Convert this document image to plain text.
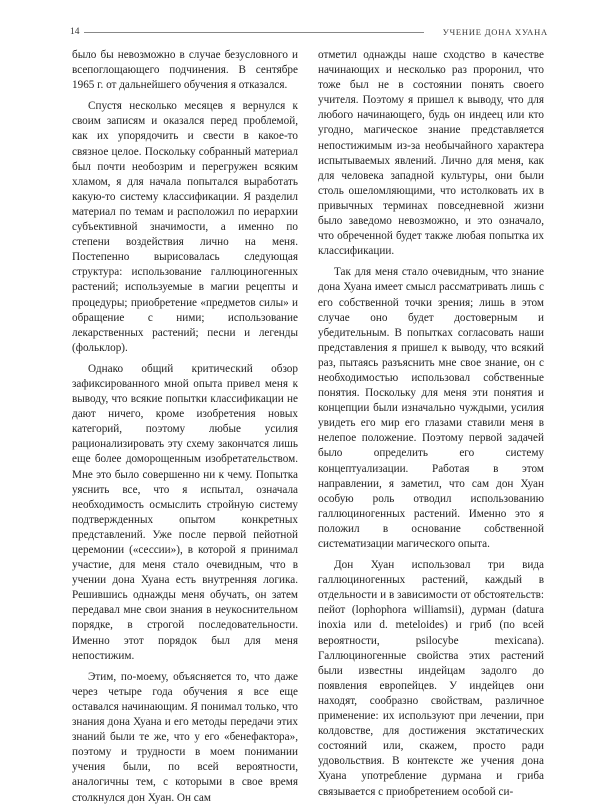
14	УЧЕНИЕ ДОНА ХУАНА

было бы невозможно в случае безусловного и всепоглощающего подчинения. В сентябре 1965 г. от дальнейшего обучения я отказался.

Спустя несколько месяцев я вернулся к своим записям и оказался перед проблемой, как их упорядочить и свести в какое-то связное целое. Поскольку собранный материал был почти необозрим и перегружен всяким хламом, я для начала попытался выработать какую-то систему классификации. Я разделил материал по темам и расположил по иерархии субъективной значимости, а именно по степени воздействия лично на меня. Постепенно вырисовалась следующая структура: использование галлюциногенных растений; используемые в магии рецепты и процедуры; приобретение «предметов силы» и обращение с ними; использование лекарственных растений; песни и легенды (фольклор).

Однако общий критический обзор зафиксированного мной опыта привел меня к выводу, что всякие попытки классификации не дают ничего, кроме изобретения новых категорий, поэтому любые усилия рационализировать эту схему закончатся лишь еще более доморощенным изобретательством. Мне это было совершенно ни к чему. Попытка уяснить все, что я испытал, означала необходимость осмыслить стройную систему подтвержденных опытом конкретных представлений. Уже после первой пейотной церемонии («сессии»), в которой я принимал участие, для меня стало очевидным, что в учении дона Хуана есть внутренняя логика. Решившись однажды меня обучать, он затем передавал мне свои знания в неукоснительном порядке, в строгой последовательности. Именно этот порядок был для меня непостижим.

Этим, по-моему, объясняется то, что даже через четыре года обучения я все еще оставался начинающим. Я понимал только, что знания дона Хуана и его методы передачи этих знаний были те же, что у его «бенефактора», поэтому и трудности в моем понимании учения были, по всей вероятности, аналогичны тем, с которыми в свое время столкнулся дон Хуан. Он сам

отметил однажды наше сходство в качестве начинающих и несколько раз проронил, что тоже был не в состоянии понять своего учителя. Поэтому я пришел к выводу, что для любого начинающего, будь он индеец или кто угодно, магическое знание представляется непостижимым из-за необычайного характера испытываемых явлений. Лично для меня, как для человека западной культуры, они были столь ошеломляющими, что истолковать их в привычных терминах повседневной жизни было заведомо невозможно, и это означало, что обреченной будет также любая попытка их классификации.

Так для меня стало очевидным, что знание дона Хуана имеет смысл рассматривать лишь с его собственной точки зрения; лишь в этом случае оно будет достоверным и убедительным. В попытках согласовать наши представления я пришел к выводу, что всякий раз, пытаясь разъяснить мне свое знание, он с необходимостью использовал собственные понятия. Поскольку для меня эти понятия и концепции были изначально чуждыми, усилия увидеть его мир его глазами ставили меня в нелепое положение. Поэтому первой задачей было определить его систему концептуализации. Работая в этом направлении, я заметил, что сам дон Хуан особую роль отводил использованию галлюциногенных растений. Именно это я положил в основание собственной систематизации магического опыта.

Дон Хуан использовал три вида галлюциногенных растений, каждый в отдельности и в зависимости от обстоятельств: пейот (lophophora williamsii), дурман (datura inoxia или d. meteloides) и гриб (по всей вероятности, psilocybe mexicana). Галлюциногенные свойства этих растений были известны индейцам задолго до появления европейцев. У индейцев они находят, сообразно свойствам, различное применение: их используют при лечении, при колдовстве, для достижения экстатических состояний или, скажем, просто ради удовольствия. В контексте же учения дона Хуана употребление дурмана и гриба связывается с приобретением особой си-
